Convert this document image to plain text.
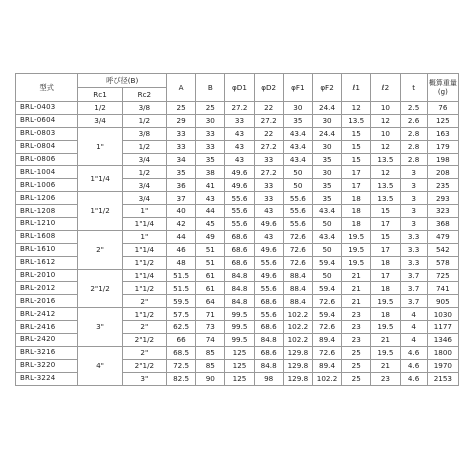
型式	呼び径(B)		A	B	φD1	φD2	φF1	φF2	ℓ1	ℓ2	t	概算重量(g)
	Rc1	Rc2										
BRL-0403	1/2	3/8	25	25	27.2	22	30	24.4	12	10	2.5	76
BRL-0604	3/4	1/2	29	30	33	27.2	35	30	13.5	12	2.6	125
BRL-0803	1"	3/8	33	33	43	22	43.4	24.4	15	10	2.8	163
BRL-0804		1/2	33	33	43	27.2	43.4	30	15	12	2.8	179
BRL-0806		3/4	34	35	43	33	43.4	35	15	13.5	2.8	198
BRL-1004	1"1/4	1/2	35	38	49.6	27.2	50	30	17	12	3	208
BRL-1006		3/4	36	41	49.6	33	50	35	17	13.5	3	235
BRL-1206	1"1/2	3/4	37	43	55.6	33	55.6	35	18	13.5	3	293
BRL-1208		1"	40	44	55.6	43	55.6	43.4	18	15	3	323
BRL-1210		1"1/4	42	45	55.6	49.6	55.6	50	18	17	3	368
BRL-1608	2"	1"	44	49	68.6	43	72.6	43.4	19.5	15	3.3	479
BRL-1610		1"1/4	46	51	68.6	49.6	72.6	50	19.5	17	3.3	542
BRL-1612		1"1/2	48	51	68.6	55.6	72.6	59.4	19.5	18	3.3	578
BRL-2010	2"1/2	1"1/4	51.5	61	84.8	49.6	88.4	50	21	17	3.7	725
BRL-2012		1"1/2	51.5	61	84.8	55.6	88.4	59.4	21	18	3.7	741
BRL-2016		2"	59.5	64	84.8	68.6	88.4	72.6	21	19.5	3.7	905
BRL-2412	3"	1"1/2	57.5	71	99.5	55.6	102.2	59.4	23	18	4	1030
BRL-2416		2"	62.5	73	99.5	68.6	102.2	72.6	23	19.5	4	1177
BRL-2420		2"1/2	66	74	99.5	84.8	102.2	89.4	23	21	4	1346
BRL-3216	4"	2"	68.5	85	125	68.6	129.8	72.6	25	19.5	4.6	1800
BRL-3220		2"1/2	72.5	85	125	84.8	129.8	89.4	25	21	4.6	1970
BRL-3224		3"	82.5	90	125	98	129.8	102.2	25	23	4.6	2153
